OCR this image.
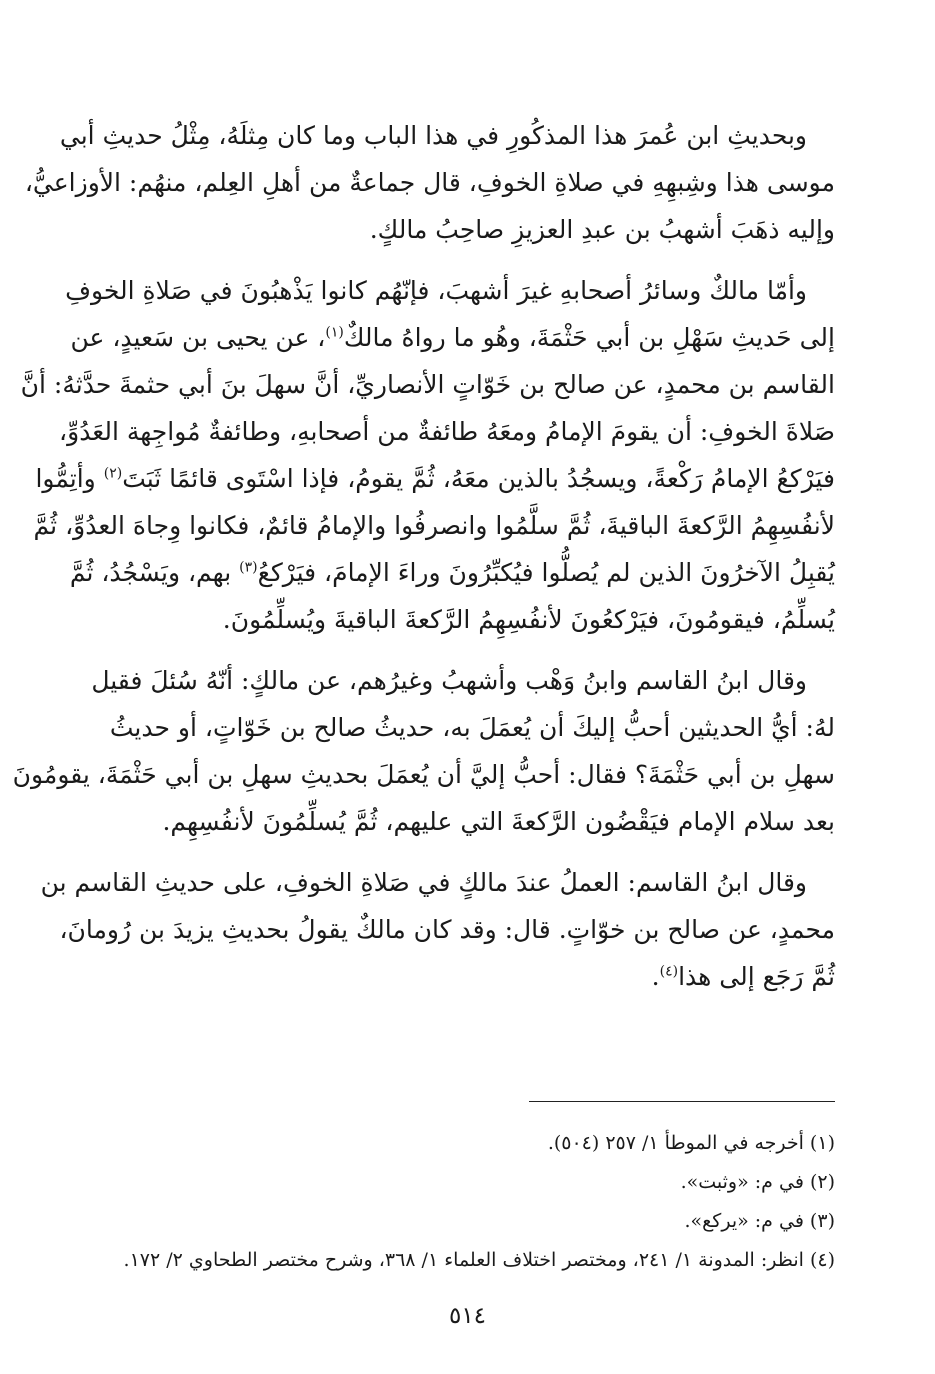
وبحديثِ ابن عُمرَ هذا المذكُورِ في هذا الباب وما كان مِثلَهُ، مِثْلُ حديثِ أبي
موسى هذا وشِبهِهِ في صلاةِ الخوفِ، قال جماعةٌ من أهلِ العِلم، منهُم: الأوزاعيُّ،
وإليه ذهَبَ أشهبُ بن عبدِ العزيزِ صاحِبُ مالكٍ.

وأمّا مالكٌ وسائرُ أصحابهِ غيرَ أشهبَ، فإنّهُم كانوا يَذْهبُونَ في صَلاةِ الخوفِ
إلى حَديثِ سَهْلِ بن أبي حَثْمَةَ، وهُو ما رواهُ مالكٌ$^{(١)}$، عن يحيى بن سَعيدٍ، عن
القاسم بن محمدٍ، عن صالح بن خَوّاتٍ الأنصاريِّ، أنَّ سهلَ بنَ أبي حثمةَ حدَّثهُ: أنَّ
صَلاةَ الخوفِ: أن يقومَ الإمامُ ومعَهُ طائفةٌ من أصحابهِ، وطائفةٌ مُواجِهة العَدُوِّ،
فيَرْكعُ الإمامُ رَكْعةً، ويسجُدُ بالذين معَهُ، ثُمَّ يقومُ، فإذا اسْتَوى قائمًا ثَبَتَ$^{(٢)}$ وأتِمُّوا
لأنفُسِهِمُ الرَّكعةَ الباقيةَ، ثُمَّ سلَّمُوا وانصرفُوا والإمامُ قائمٌ، فكانوا وِجاهَ العدُوِّ، ثُمَّ
يُقبِلُ الآخرُونَ الذين لم يُصلُّوا فيُكبِّرُونَ وراءَ الإمامَ، فيَرْكعُ$^{(٣)}$ بهم، ويَسْجُدُ، ثُمَّ
يُسلِّمُ، فيقومُونَ، فيَرْكعُونَ لأنفُسِهِمُ الرَّكعةَ الباقيةَ ويُسلِّمُونَ.

وقال ابنُ القاسم وابنُ وَهْب وأشهبُ وغيرُهم، عن مالكٍ: أنّهُ سُئلَ فقيل
لهُ: أيُّ الحديثين أحبُّ إليكَ أن يُعمَلَ به، حديثُ صالح بن خَوّاتٍ، أو حديثُ
سهلِ بن أبي حَثْمَةَ؟ فقال: أحبُّ إليَّ أن يُعمَلَ بحديثِ سهلِ بن أبي حَثْمَةَ، يقومُونَ
بعد سلام الإمام فيَقْضُون الرَّكعةَ التي عليهم، ثُمَّ يُسلِّمُونَ لأنفُسِهِم.

وقال ابنُ القاسم: العملُ عندَ مالكٍ في صَلاةِ الخوفِ، على حديثِ القاسم بن
محمدٍ، عن صالح بن خوّاتٍ. قال: وقد كان مالكٌ يقولُ بحديثِ يزيدَ بن رُومانَ،
ثُمَّ رَجَع إلى هذا$^{(٤)}$.

(١) أخرجه في الموطأ ١/ ٢٥٧ (٥٠٤).
(٢) في م: «وثبت».
(٣) في م: «يركع».
(٤) انظر: المدونة ١/ ٢٤١، ومختصر اختلاف العلماء ١/ ٣٦٨، وشرح مختصر الطحاوي ٢/ ١٧٢.
٥١٤
